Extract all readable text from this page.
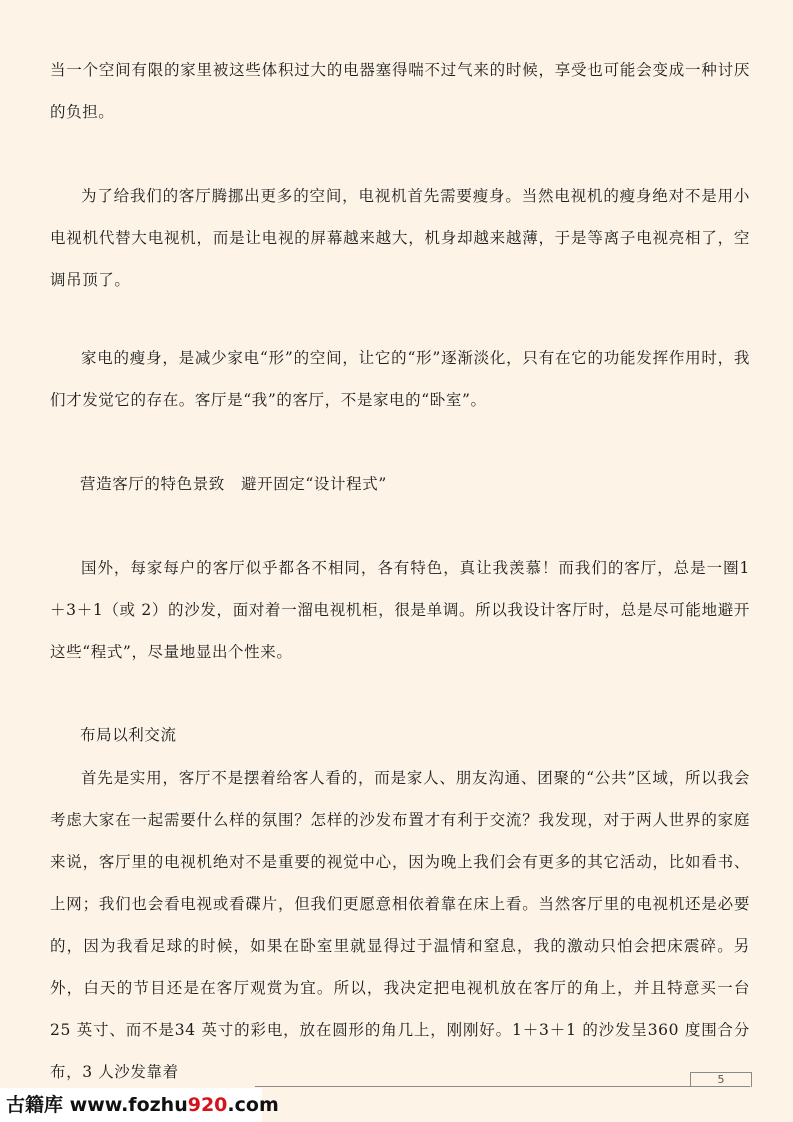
当一个空间有限的家里被这些体积过大的电器塞得喘不过气来的时候，享受也可能会变成一种讨厌的负担。

为了给我们的客厅腾挪出更多的空间，电视机首先需要瘦身。当然电视机的瘦身绝对不是用小电视机代替大电视机，而是让电视的屏幕越来越大，机身却越来越薄，于是等离子电视亮相了，空调吊顶了。

家电的瘦身，是减少家电“形”的空间，让它的“形”逐渐淡化，只有在它的功能发挥作用时，我们才发觉它的存在。客厅是“我”的客厅，不是家电的“卧室”。

营造客厅的特色景致　避开固定“设计程式”

国外，每家每户的客厅似乎都各不相同，各有特色，真让我羡慕！而我们的客厅，总是一圈1＋3＋1（或 2）的沙发，面对着一溜电视机柜，很是单调。所以我设计客厅时，总是尽可能地避开这些“程式”，尽量地显出个性来。

布局以利交流

首先是实用，客厅不是摆着给客人看的，而是家人、朋友沟通、团聚的“公共”区域，所以我会考虑大家在一起需要什么样的氛围？怎样的沙发布置才有利于交流？我发现，对于两人世界的家庭来说，客厅里的电视机绝对不是重要的视觉中心，因为晚上我们会有更多的其它活动，比如看书、上网；我们也会看电视或看碟片，但我们更愿意相依着靠在床上看。当然客厅里的电视机还是必要的，因为我看足球的时候，如果在卧室里就显得过于温情和窒息，我的激动只怕会把床震碎。另外，白天的节目还是在客厅观赏为宜。所以，我决定把电视机放在客厅的角上，并且特意买一台 25 英寸、而不是34 英寸的彩电，放在圆形的角几上，刚刚好。1＋3＋1 的沙发呈360 度围合分布，3 人沙发靠着	5
古籍库 www.fozhu920.com
